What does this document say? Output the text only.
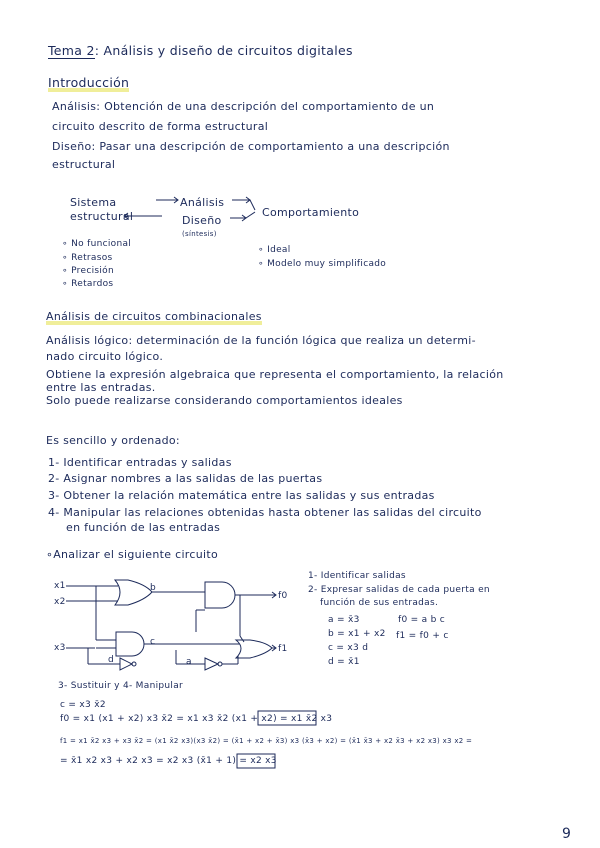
Tema 2: Análisis y diseño de circuitos digitales
Introducción
Análisis: Obtención de una descripción del comportamiento de un
circuito descrito de forma estructural
Diseño: Pasar una descripción de comportamiento a una descripción
estructural
Sistema
estructural
Análisis
Diseño
(síntesis)
Comportamiento
∘ No funcional
∘ Retrasos
∘ Precisión
∘ Retardos
∘ Ideal
∘ Modelo muy simplificado
Análisis de circuitos combinacionales
Análisis lógico: determinación de la función lógica que realiza un determi-
nado circuito lógico.
Obtiene la expresión algebraica que representa el comportamiento, la relación
entre las entradas.
Solo puede realizarse considerando comportamientos ideales
Es sencillo y ordenado:
1- Identificar entradas y salidas
2- Asignar nombres a las salidas de las puertas
3- Obtener la relación matemática entre las salidas y sus entradas
4- Manipular las relaciones obtenidas hasta obtener las salidas del circuito
en función de las entradas
∘Analizar el siguiente circuito
x1
x2
x3
b
c
d	a
f0
f1
1- Identificar salidas
2- Expresar salidas de cada puerta en
función de sus entradas.
a = x̄3
b = x1 + x2
c = x3 d
d = x̄1
f0 = a b c
f1 = f0 + c
3- Sustituir y 4- Manipular
c = x3 x̄2
f0 = x1 (x1 + x2) x3 x̄2 = x1 x3 x̄2 (x1 + x2) = x1 x̄2 x3
f1 = x1 x̄2 x3 + x3 x̄2 = (x1 x̄2 x3)(x3 x̄2) = (x̄1 + x2 + x̄3) x3 (x̄3 + x2) = (x̄1 x̄3 + x2 x̄3 + x2 x3) x3 x2 =
= x̄1 x2 x3 + x2 x3 = x2 x3 (x̄1 + 1) = x2 x3
9
